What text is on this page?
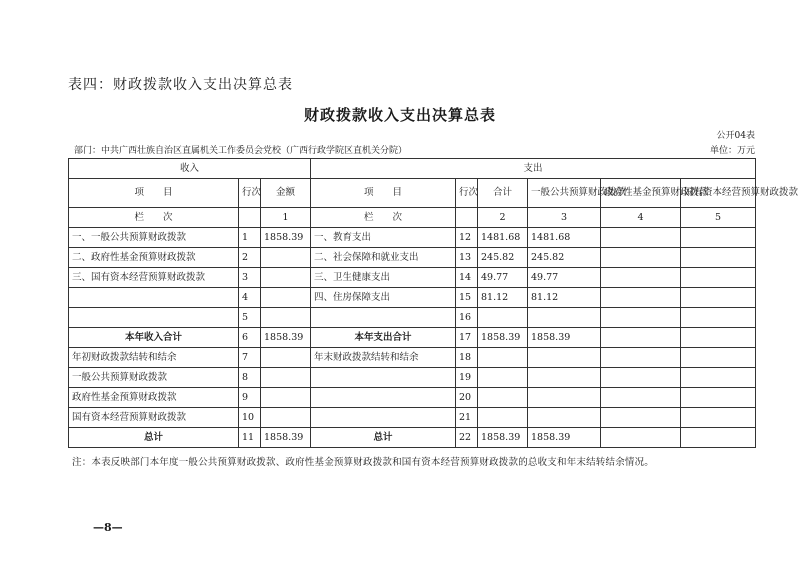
表四：财政拨款收入支出决算总表
财政拨款收入支出决算总表
公开04表
部门：中共广西壮族自治区直属机关工作委员会党校（广西行政学院区直机关分院）	单位：万元
收入			支出					
项　　目	行次	金额	项　　目	行次	合计	一般公共预算财政拨款	政府性基金预算财政拨款	国有资本经营预算财政拨款
栏　　次		1	栏　　次		2	3	4	5
一、一般公共预算财政拨款	1	1858.39	一、教育支出	12	1481.68	1481.68		
二、政府性基金预算财政拨款	2		二、社会保障和就业支出	13	245.82	245.82		
三、国有资本经营预算财政拨款	3		三、卫生健康支出	14	49.77	49.77		
	4		四、住房保障支出	15	81.12	81.12		
	5			16				
本年收入合计	6	1858.39	本年支出合计	17	1858.39	1858.39		
年初财政拨款结转和结余	7		年末财政拨款结转和结余	18				
一般公共预算财政拨款	8			19				
政府性基金预算财政拨款	9			20				
国有资本经营预算财政拨款	10			21				
总计	11	1858.39	总计	22	1858.39	1858.39		
注：本表反映部门本年度一般公共预算财政拨款、政府性基金预算财政拨款和国有资本经营预算财政拨款的总收支和年末结转结余情况。
—8—
